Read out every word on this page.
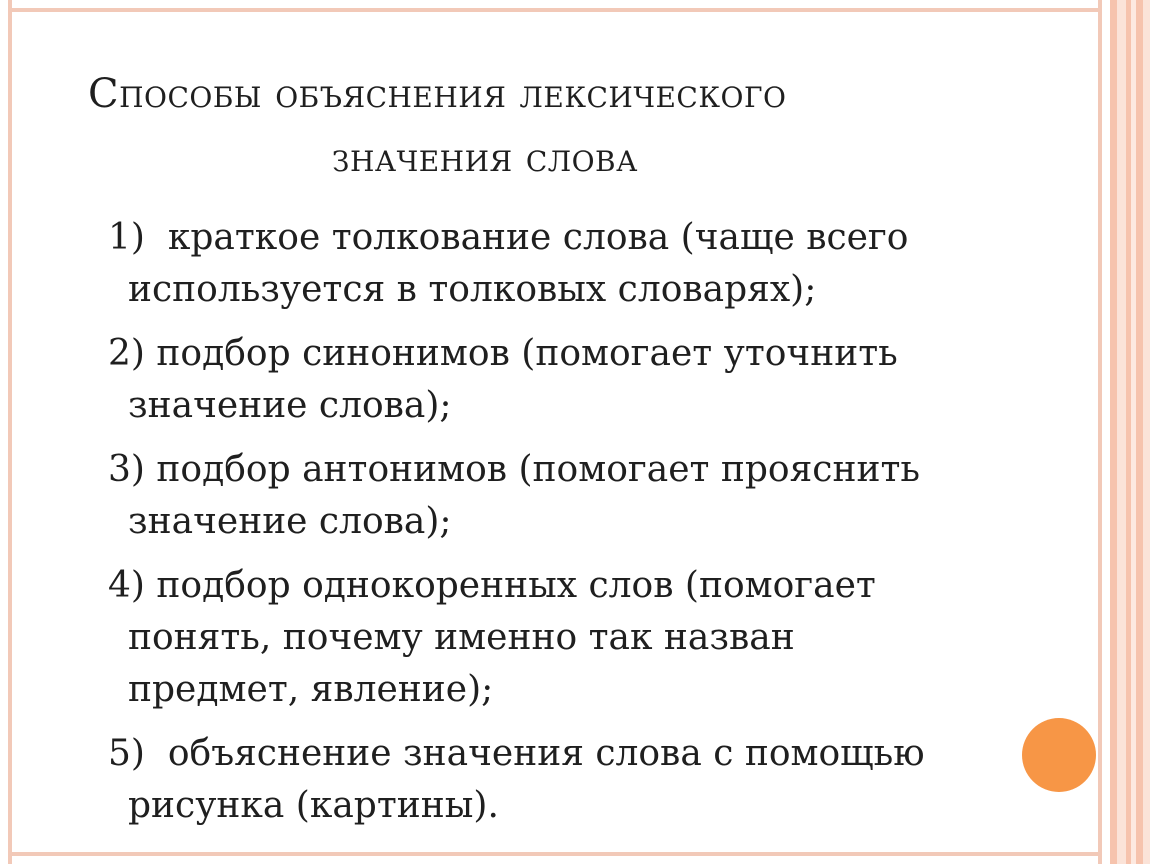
Способы объяснения лексического
значения слова
1) краткое толкование слова (чаще всего
используется в толковых словарях);
2) подбор синонимов (помогает уточнить
значение слова);
3) подбор антонимов (помогает прояснить
значение слова);
4) подбор однокоренных слов (помогает
понять, почему именно так назван
предмет, явление);
5) объяснение значения слова с помощью
рисунка (картины).
